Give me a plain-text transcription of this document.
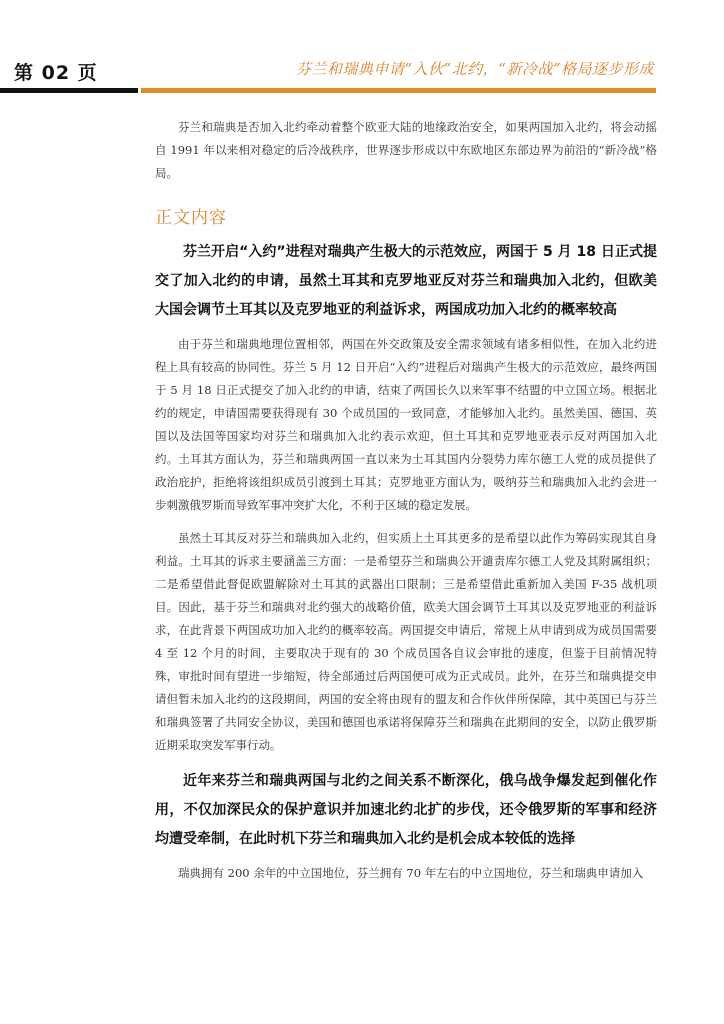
第 02 页	芬兰和瑞典申请“入伙”北约，“新冷战”格局逐步形成

芬兰和瑞典是否加入北约牵动着整个欧亚大陆的地缘政治安全，如果两国加入北约，将会动摇自 1991 年以来相对稳定的后冷战秩序，世界逐步形成以中东欧地区东部边界为前沿的“新冷战”格局。

正文内容

芬兰开启“入约”进程对瑞典产生极大的示范效应，两国于 5 月 18 日正式提交了加入北约的申请，虽然土耳其和克罗地亚反对芬兰和瑞典加入北约，但欧美大国会调节土耳其以及克罗地亚的利益诉求，两国成功加入北约的概率较高

由于芬兰和瑞典地理位置相邻，两国在外交政策及安全需求领域有诸多相似性，在加入北约进程上具有较高的协同性。芬兰 5 月 12 日开启“入约”进程后对瑞典产生极大的示范效应，最终两国于 5 月 18 日正式提交了加入北约的申请，结束了两国长久以来军事不结盟的中立国立场。根据北约的规定，申请国需要获得现有 30 个成员国的一致同意，才能够加入北约。虽然美国、德国、英国以及法国等国家均对芬兰和瑞典加入北约表示欢迎，但土耳其和克罗地亚表示反对两国加入北约。土耳其方面认为，芬兰和瑞典两国一直以来为土耳其国内分裂势力库尔德工人党的成员提供了政治庇护，拒绝将该组织成员引渡到土耳其；克罗地亚方面认为，吸纳芬兰和瑞典加入北约会进一步刺激俄罗斯而导致军事冲突扩大化，不利于区域的稳定发展。

虽然土耳其反对芬兰和瑞典加入北约，但实质上土耳其更多的是希望以此作为筹码实现其自身利益。土耳其的诉求主要涵盖三方面：一是希望芬兰和瑞典公开谴责库尔德工人党及其附属组织；二是希望借此督促欧盟解除对土耳其的武器出口限制；三是希望借此重新加入美国 F-35 战机项目。因此，基于芬兰和瑞典对北约强大的战略价值，欧美大国会调节土耳其以及克罗地亚的利益诉求，在此背景下两国成功加入北约的概率较高。两国提交申请后，常规上从申请到成为成员国需要 4 至 12 个月的时间，主要取决于现有的 30 个成员国各自议会审批的速度，但鉴于目前情况特殊，审批时间有望进一步缩短，待全部通过后两国便可成为正式成员。此外，在芬兰和瑞典提交申请但暂未加入北约的这段期间，两国的安全将由现有的盟友和合作伙伴所保障，其中英国已与芬兰和瑞典签署了共同安全协议，美国和德国也承诺将保障芬兰和瑞典在此期间的安全，以防止俄罗斯近期采取突发军事行动。

近年来芬兰和瑞典两国与北约之间关系不断深化，俄乌战争爆发起到催化作用，不仅加深民众的保护意识并加速北约北扩的步伐，还令俄罗斯的军事和经济均遭受牵制，在此时机下芬兰和瑞典加入北约是机会成本较低的选择

瑞典拥有 200 余年的中立国地位，芬兰拥有 70 年左右的中立国地位，芬兰和瑞典申请加入
